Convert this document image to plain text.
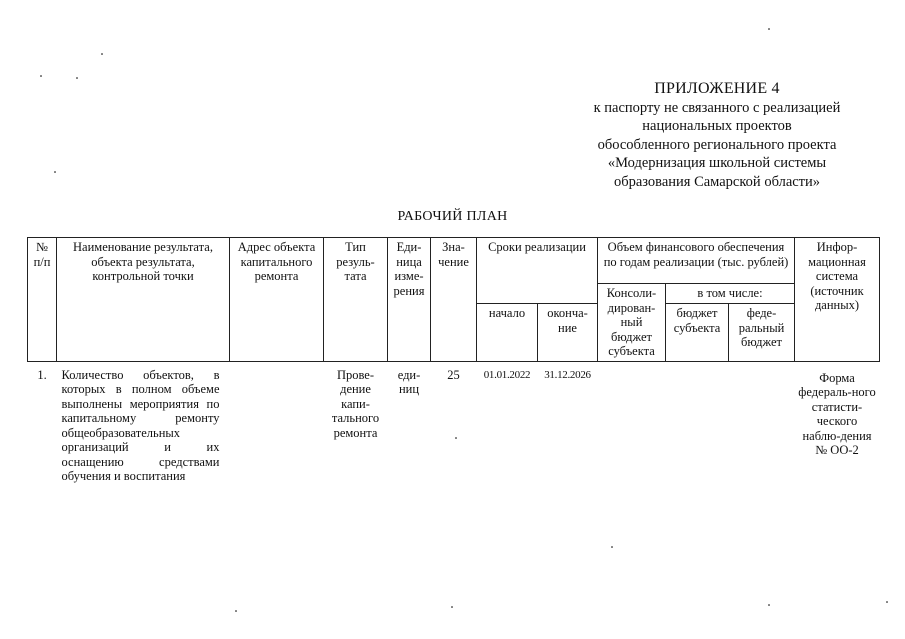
ПРИЛОЖЕНИЕ 4
к паспорту не связанного с реализацией
национальных проектов
обособленного регионального проекта
«Модернизация школьной системы
образования Самарской области»
РАБОЧИЙ ПЛАН
№ п/п	Наименование результата, объекта результата, контрольной точки	Адрес объекта капитального ремонта	Тип резуль-тата	Еди-ница изме-рения	Зна-чение	Сроки реализации		Объем финансового обеспечения по годам реализации (тыс. рублей)			Инфор-мационная система (источник данных)
								Консоли-дирован-ный бюджет субъекта	в том числе:		
						начало	оконча-ние		бюджет субъекта	феде-ральный бюджет	
1.	Количество объектов, в которых в полном объеме выполнены мероприятия по капитальному ремонту общеобразовательных организаций и их оснащению средствами обучения и воспитания		Прове-дение капи-тального ремонта	еди-ниц	25	01.01.2022	31.12.2026				Форма федераль-ного статисти-ческого наблю-дения № ОО-2
